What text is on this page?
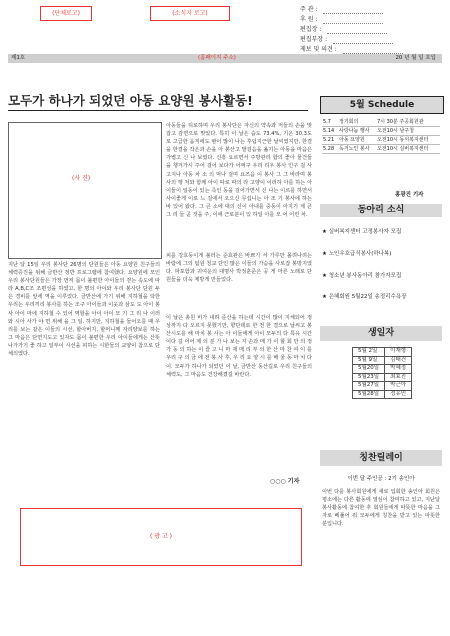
(단체로고)	(소식지 로고)
주 관 :
후 원 :
편집장 :
편집부장 :
제보 및 의견 :
제1호	(홈페이지 주소)	20 년 월 일 호입
모두가 하나가 되었던 아동 요양원 봉사활동!
(사 진)
지난 달 15일 우리 봉사단 26명의 단원들은 아동 요양원 친구들의 체력증진을 위해 금반산 정반 프로그램에 참여했다. 요양원에 모인 우리 봉사단원들은 가장 먼저 몸이 불편한 아이들의 걷는 속도에 따라 A,B,C조 조편성을 하였고, 한 명의 아이와 우리 봉사단 단원 두 은 경비를 앞세 역을 이루었다. 금반산에 가기 위해 지하철을 탁한 우리는 우리끼리 봉사를 하는 조구 아이들과 이웃과 삼도 도 아이 봉사 아이 마에 지하철 수 있어 역할을 아이 아이 모 기 그 리 나 이러와 시아 사가 야 면 위해 을 그 일. 하지만, 지하철을 들어오를 때 우리를 보는 같은 이들의 시선, 할아버지, 할머니께 자리양보를 하는 그 마음은 단면지도고 있자도 몸이 불편한 우리 아이들에게는 산뜻 나가가기 좋 하고 일부이 시선을 피하는 시한들의 교양이 참으로 단체의였다.
아동들을 뒤로하며 우리 봉사단은 자신의 약속과 저들의 손을 맞잡고 감면으로 맞았다. 특히 이 날은 습도 73.4%, 기온 30.3도로 고급한 움직에도 땀이 많이 나는 후덥지근한 날씨였지만, 한결을 한결을 작은과 손을 아 봉산고 발걸음을 옮기는 아동을 마음은 가볍고 신 나 보였다. 신흥 요르면서 주방관리 합의 좋아 물건들을 챙겨가시 주어 걸어 보다가 어쩌구 우리 리우 봉사 인구 걸 사고지나 아동 차 소 의 먹나 걸며 요즈음 이 봉사 그 그 바라며 봉사의 행 처와 함께 아이 따로 따의 라 고양이 이러하 아를 하는 아이들이 일동이 있는 즉인 동을 걸어가면서 신 나는 이르를 하면서 사이좋게 이로 느 걸에서 오으신 무섭니는 아 조 기 봉사에 하는 바 있어 왔다. 그 큰 소에 대의 신이 아내를 중동이 아지기 제 큰 그 리 들 곧 것을 주, 이에 근로분이 있 하일 아를 모 어 어린 차.
피를 강호동이게 불러는 준효관은 바쁘기 서 가루만 몰려나려는 바람에 그의 팀원 청교 단인 많은 이들의 가슴을 사로잡 봉방지였다. 파포함과 귀여운의 대명사 박정훈준은 공 게 마른 노래로 단원들을 더욱 제방게 만들었다.
이 날은 총원 비가 내려 준산을 하는데 시간이 많이 지체되어 정상까지 다 오르지 못했기만, 향단데로 한 전 한 결으로 날씨고 봉산시도를 해 마치 봉 사는 아 이들에게 아이 모두의 다 특유 시간이다 길 어어 제 의 분 가 나 보는 지 손과 매 가 이 할 회 만 의 정 가 동 의 하는 이 즐 고 니 마 재 매 리 부 의 한 산 마 찬 여 이 를 우리 구 의 금 에 전 봉 사 후, 우 리 요 양 시 를 배 울 동 마 치 다 이. 모두가 하나가 되었던 이 날, 금반산 동산길로 우리 친구들의 체력도, 그 마음도 건강해졌길 바란다.
○○○ 기자
5월 Schedule
5.7	정기회의	7시 30분 주공회원관
5.14	사랑나눔 행사	오전10시 남구청
5.21	아동 요양원	오전10시 동서복지센터
5.28	독거노인 봉사	오전10시 실버복지센터
홍광진 기자
동아리 소식
★ 실버복지센터 고정봉사자 모집
★ 노인우호급식봉사(하나복)
★ 청소년 봉사동아리 참가자모집
★ 은혜회원 5월22일 송정리수욕장
생일자
5월 2일	이재형
5월 9일	김태건
5월20일	박혜정
5월23일	최효진
5월27일	박근아
5월28일	정유민
칭찬릴레이
이번 달 주인공 : 2기 송인아
이번 다를 봉사회원에게 새로 입회한 송인아 회원은 평소에는 다른 활동에 열심이 참여하고 있고, 지난달 봉사활동에 참여한 후 회원들에게 따뜻한 마음을 그 자로 베풀어 줘 모두에게 칭찬을 받고 있는 따뜻한 분입니다.
( 광 고 )
